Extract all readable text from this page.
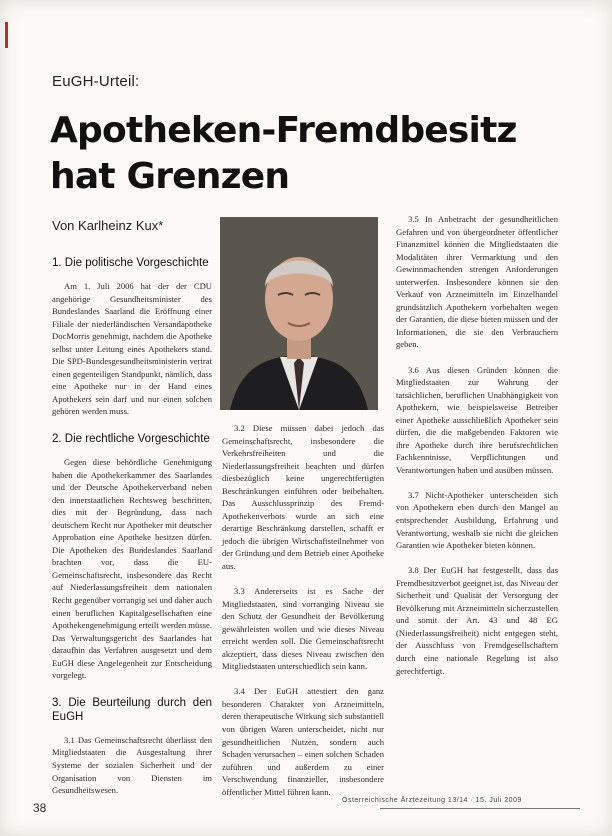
EuGH-Urteil:
Apotheken-Fremdbesitz
hat Grenzen
Von Karlheinz Kux*
1. Die politische Vorgeschichte

Am 1. Juli 2006 hat der der CDU angehörige Gesundheitsminister des Bundeslandes Saarland die Eröffnung einer Filiale der niederländischen Versandapotheke DocMorris genehmigt, nachdem die Apotheke selbst unter Leitung eines Apothekers stand. Die SPD-Bundesgesundheitsministerin vertrat einen gegenteiligen Standpunkt, nämlich, dass eine Apotheke nur in der Hand eines Apothekers sein darf und nur einen solchen gehören werden muss.

2. Die rechtliche Vorgeschichte

Gegen diese behördliche Genehmigung haben die Apothekerkammer des Saarlandes und der Deutsche Apothekerverband neben den innerstaatlichen Rechtsweg beschritten, dies mit der Begründung, dass nach deutschem Recht nur Apotheker mit deutscher Approbation eine Apotheke besitzen dürfen. Die Apotheken des Bundeslandes Saarland brachten vor, dass die EU-Gemeinschaftsrecht, insbesondere das Recht auf Niederlassungsfreiheit dem nationalen Recht gegenüber vorrangig sei und daher auch einen beruflichen Kapitalgesellschaften eine Apothekengenehmigung erteilt werden müsse. Das Verwaltungsgericht des Saarlandes hat daraufhin das Verfahren ausgesetzt und dem EuGH diese Angelegenheit zur Entscheidung vorgelegt.

3. Die Beurteilung durch den EuGH

3.1 Das Gemeinschaftsrecht überlässt den Mitgliedstaaten die Ausgestaltung ihrer Systeme der sozialen Sicherheit und der Organisation von Diensten im Gesundheitswesen.

3.2 Diese müssen dabei jedoch das Gemeinschaftsrecht, insbesondere die Verkehrsfreiheiten und die Niederlassungsfreiheit beachten und dürfen diesbezüglich keine ungerechtfertigten Beschränkungen einführen oder beibehalten. Das Ausschlussprinzip des Fremd-Apothekenverbots wurde an sich eine derartige Beschränkung darstellen, schafft er jedoch die übrigen Wirtschaftsteilnehmer von der Gründung und dem Betrieb einer Apotheke aus.

3.3 Andererseits ist es Sache der Mitgliedstaaten, sind vorranging Niveau sie den Schutz der Gesundheit der Bevölkerung gewährleisten wollen und wie dieses Niveau erreicht werden soll. Die Gemeinschaftsrecht akzeptiert, dass dieses Niveau zwischen den Mitgliedstaaten unterschiedlich sein kann.

3.4 Der EuGH attestiert den ganz besonderen Charakter von Arzneimitteln, deren therapeutische Wirkung sich substantiell von übrigen Waren unterscheidet, nicht nur gesundheitlichen Nutzen, sondern auch Schaden verursachen – einen solchen Schaden zuführen und außerdem zu einer Verschwendung finanzieller, insbesondere öffentlicher Mittel führen kann.

3.5 In Anbetracht der gesundheitlichen Gefahren und von übergeordneter öffentlicher Finanzmittel können die Mitgliedstaaten die Modalitäten ihrer Vermarktung und den Gewinnmachenden strengen Anforderungen unterwerfen. Insbesondere können sie den Verkauf von Arzneimitteln im Einzelhandel grundsätzlich Apothekern vorbehalten wegen der Garantien, die diese bieten müssen und der Informationen, die sie den Verbrauchern geben.

3.6 Aus diesen Gründen können die Mitgliedstaaten zur Wahrung der tatsächlichen, beruflichen Unabhängigkeit von Apothekern, wie beispielsweise Betreiber einer Apotheke ausschließlich Apotheker sein dürfen, die die maßgebenden Faktoren wie ihre Apotheke durch ihre berufsrechtlichen Fachkenntnisse, Verpflichtungen und Verantwortungen haben und ausüben müssen.

3.7 Nicht-Apotheker unterscheiden sich von Apothekern eben durch den Mangel an entsprechender Ausbildung, Erfahrung und Verantwortung, weshalb sie nicht die gleichen Garantien wie Apotheker bieten können.

3.8 Der EuGH hat festgestellt, dass das Fremdbesitzverbot geeignet ist, das Niveau der Sicherheit und Qualität der Versorgung der Bevölkerung mit Arzneimitteln sicherzustellen und somit der Art. 43 und 48 EG (Niederlassungsfreiheit) nicht entgegen steht, der Ausschluss von Fremdgesellschaftern durch eine nationale Regelung ist also gerechtfertigt.

38
Österreichische Ärztezeitung 13/14 · 15. Juli 2009
